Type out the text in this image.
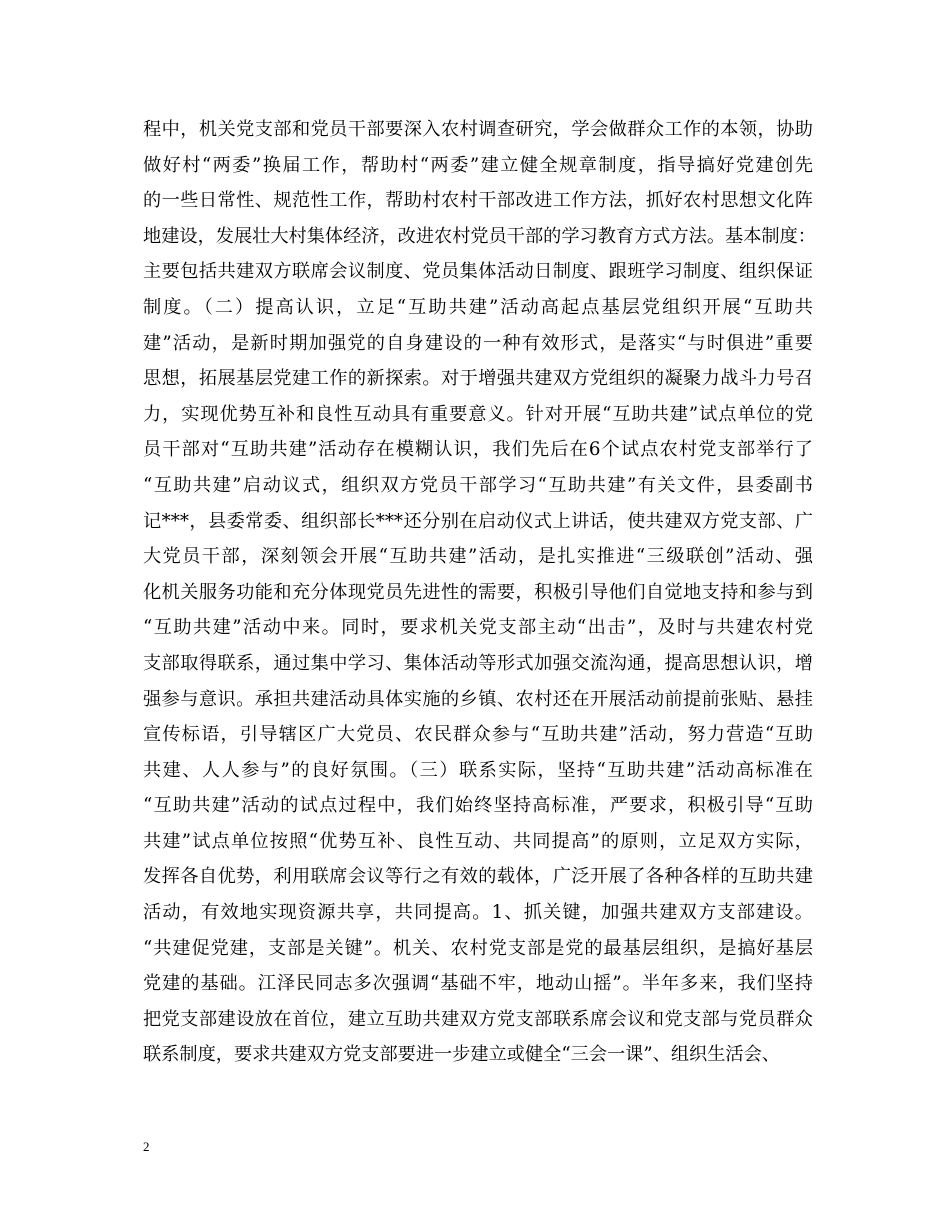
程中，机关党支部和党员干部要深入农村调查研究，学会做群众工作的本领，协助
做好村“两委”换届工作，帮助村“两委”建立健全规章制度，指导搞好党建创先
的一些日常性、规范性工作，帮助村农村干部改进工作方法，抓好农村思想文化阵
地建设，发展壮大村集体经济，改进农村党员干部的学习教育方式方法。基本制度：
主要包括共建双方联席会议制度、党员集体活动日制度、跟班学习制度、组织保证
制度。（二）提高认识，立足“互助共建”活动高起点基层党组织开展“互助共
建”活动，是新时期加强党的自身建设的一种有效形式，是落实“与时俱进”重要
思想，拓展基层党建工作的新探索。对于增强共建双方党组织的凝聚力战斗力号召
力，实现优势互补和良性互动具有重要意义。针对开展“互助共建”试点单位的党
员干部对“互助共建”活动存在模糊认识，我们先后在6个试点农村党支部举行了
“互助共建”启动议式，组织双方党员干部学习“互助共建”有关文件，县委副书
记***，县委常委、组织部长***还分别在启动仪式上讲话，使共建双方党支部、广
大党员干部，深刻领会开展“互助共建”活动，是扎实推进“三级联创”活动、强
化机关服务功能和充分体现党员先进性的需要，积极引导他们自觉地支持和参与到
“互助共建”活动中来。同时，要求机关党支部主动“出击”，及时与共建农村党
支部取得联系，通过集中学习、集体活动等形式加强交流沟通，提高思想认识，增
强参与意识。承担共建活动具体实施的乡镇、农村还在开展活动前提前张贴、悬挂
宣传标语，引导辖区广大党员、农民群众参与“互助共建”活动，努力营造“互助
共建、人人参与”的良好氛围。（三）联系实际，坚持“互助共建”活动高标准在
“互助共建”活动的试点过程中，我们始终坚持高标准，严要求，积极引导“互助
共建”试点单位按照“优势互补、良性互动、共同提高”的原则，立足双方实际，
发挥各自优势，利用联席会议等行之有效的载体，广泛开展了各种各样的互助共建
活动，有效地实现资源共享，共同提高。1、抓关键，加强共建双方支部建设。
“共建促党建，支部是关键”。机关、农村党支部是党的最基层组织，是搞好基层
党建的基础。江泽民同志多次强调“基础不牢，地动山摇”。半年多来，我们坚持
把党支部建设放在首位，建立互助共建双方党支部联系席会议和党支部与党员群众
联系制度，要求共建双方党支部要进一步建立或健全“三会一课”、组织生活会、
2
